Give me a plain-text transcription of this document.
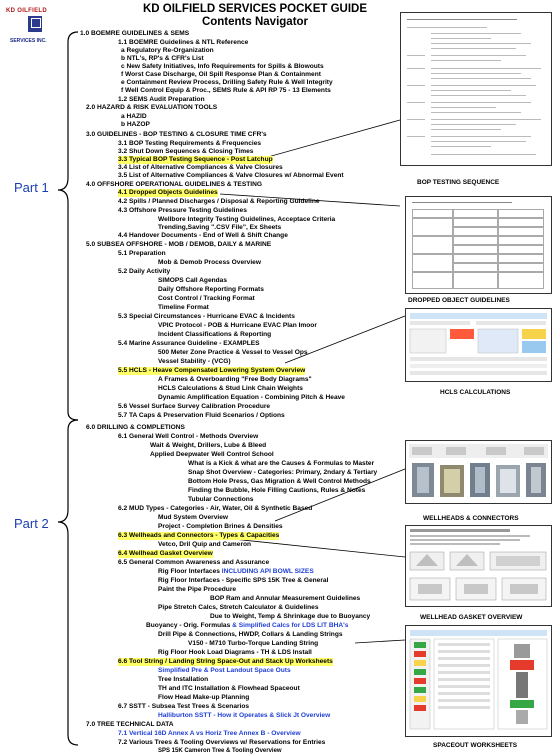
KD OILFIELD
SERVICES INC.
KD OILFIELD SERVICES POCKET GUIDE
Contents Navigator
Part 1
Part 2
1.0 BOEMRE GUIDELINES & SEMS
1.1 BOEMRE Guidelines & NTL Reference
a Regulatory Re-Organization
b NTL's, RP's & CFR's List
c New Safety Initiatives, Info Requirements for Spills & Blowouts
f Worst Case Discharge, Oil Spill Response Plan & Containment
e Containment Review Process, Drilling Safety Rule & Well Integrity
f Well Control Equip & Proc., SEMS Rule & API RP 75 - 13 Elements
1.2 SEMS Audit Preparation
2.0 HAZARD & RISK EVALUATION TOOLS
a HAZID
b HAZOP
3.0 GUIDELINES - BOP TESTING & CLOSURE TIME CFR's
3.1 BOP Testing Requirements & Frequencies
3.2 Shut Down Sequences & Closing Times
3.3 Typical BOP Testing Sequence - Post Latchup
3.4 List of Alternative Compliances & Valve Closures
3.5 List of Alternative Compliances & Valve Closures w/ Abnormal Event
4.0 OFFSHORE OPERATIONAL GUIDELINES & TESTING
4.1 Dropped Objects Guidelines
4.2 Spills / Planned Discharges / Disposal & Reporting Guideline
4.3 Offshore Pressure Testing Guidelines
Wellbore Integrity Testing Guidelines, Acceptace Criteria
Trending,Saving ".CSV File", Ex Sheets
4.4 Handover Documents - End of Well & Shift Change
5.0 SUBSEA OFFSHORE - MOB / DEMOB, DAILY & MARINE
5.1 Preparation
Mob & Demob Process Overview
5.2 Daily Activity
SIMOPS Call Agendas
Daily Offshore Reporting Formats
Cost Control / Tracking Format
Timeline Format
5.3 Special Circumstances - Hurricane EVAC & Incidents
VPIC Protocol - POB & Hurricane EVAC Plan Imoor
Incident Classifications & Reporting
5.4 Marine Assurance Guideline - EXAMPLES
500 Meter Zone Practice & Vessel to Vessel Ops
Vessel Stability - (VCG)
5.5 HCLS - Heave Compensated Lowering System Overview
A Frames & Overboarding "Free Body Diagrams"
HCLS Calculations & Stud Link Chain Weights
Dynamic Amplification Equation - Combining Pitch & Heave
5.6 Vessel Surface Survey Calibration Procedure
5.7 TA Caps & Preservation Fluid Scenarios / Options
6.0 DRILLING & COMPLETIONS
6.1 General Well Control - Methods Overview
Wait & Weight, Drillers, Lube & Bleed
Applied Deepwater Well Control School
What is a Kick & what are the Causes & Formulas to Master
Snap Shot Overview - Categories: Primary, 2ndary & Tertiary
Bottom Hole Press, Gas Migration & Well Control Methods
Finding the Bubble, Hole Filling Cautions, Rules & Notes
Tubular Connections
6.2 MUD Types - Categories - Air, Water, Oil & Synthetic Based
Mud System Overview
Project - Completion Brines & Densities
6.3 Wellheads and Connectors - Types & Capacities
Vetco, Dril Quip and Cameron
6.4 Wellhead Gasket Overview
6.5 General Common Awareness and Assurance
Rig Floor Interfaces INCLUDING API BOWL SIZES
Rig Floor Interfaces - Specific SPS 15K Tree & General
Paint the Pipe Procedure
BOP Ram and Annular Measurement Guidelines
Pipe Stretch Calcs, Stretch Calculator & Guidelines
Due to Weight, Temp & Shrinkage due to Buoyancy
Buoyancy - Orig. Formulas & Simplified Calcs for LDS LIT BHA's
Drill Pipe & Connections, HWDP, Collars & Landing Strings
V150 - M710 Turbo-Torque Landing String
Rig Floor Hook Load Diagrams - TH & LDS Install
6.6 Tool String / Landing String Space-Out and Stack Up Worksheets
Simplified Pre & Post Landout Space Outs
Tree Installation
TH and ITC Installation & Flowhead Spaceout
Flow Head Make-up Planning
6.7 SSTT - Subsea Test Trees & Scenarios
Halliburton SSTT - How it Operates & Slick Jt Overview
7.0 TREE TECHNICAL DATA
7.1 Vertical 16D Annex A vs Horiz Tree Annex B - Overview
7.2 Various Trees & Tooling Overviews w/ Reservations for Entries
SPS 15K Cameron Tree & Tooling Overview
BOP TESTING SEQUENCE
DROPPED OBJECT GUIDELINES
HCLS CALCULATIONS
WELLHEADS & CONNECTORS
WELLHEAD GASKET OVERVIEW
SPACEOUT WORKSHEETS
